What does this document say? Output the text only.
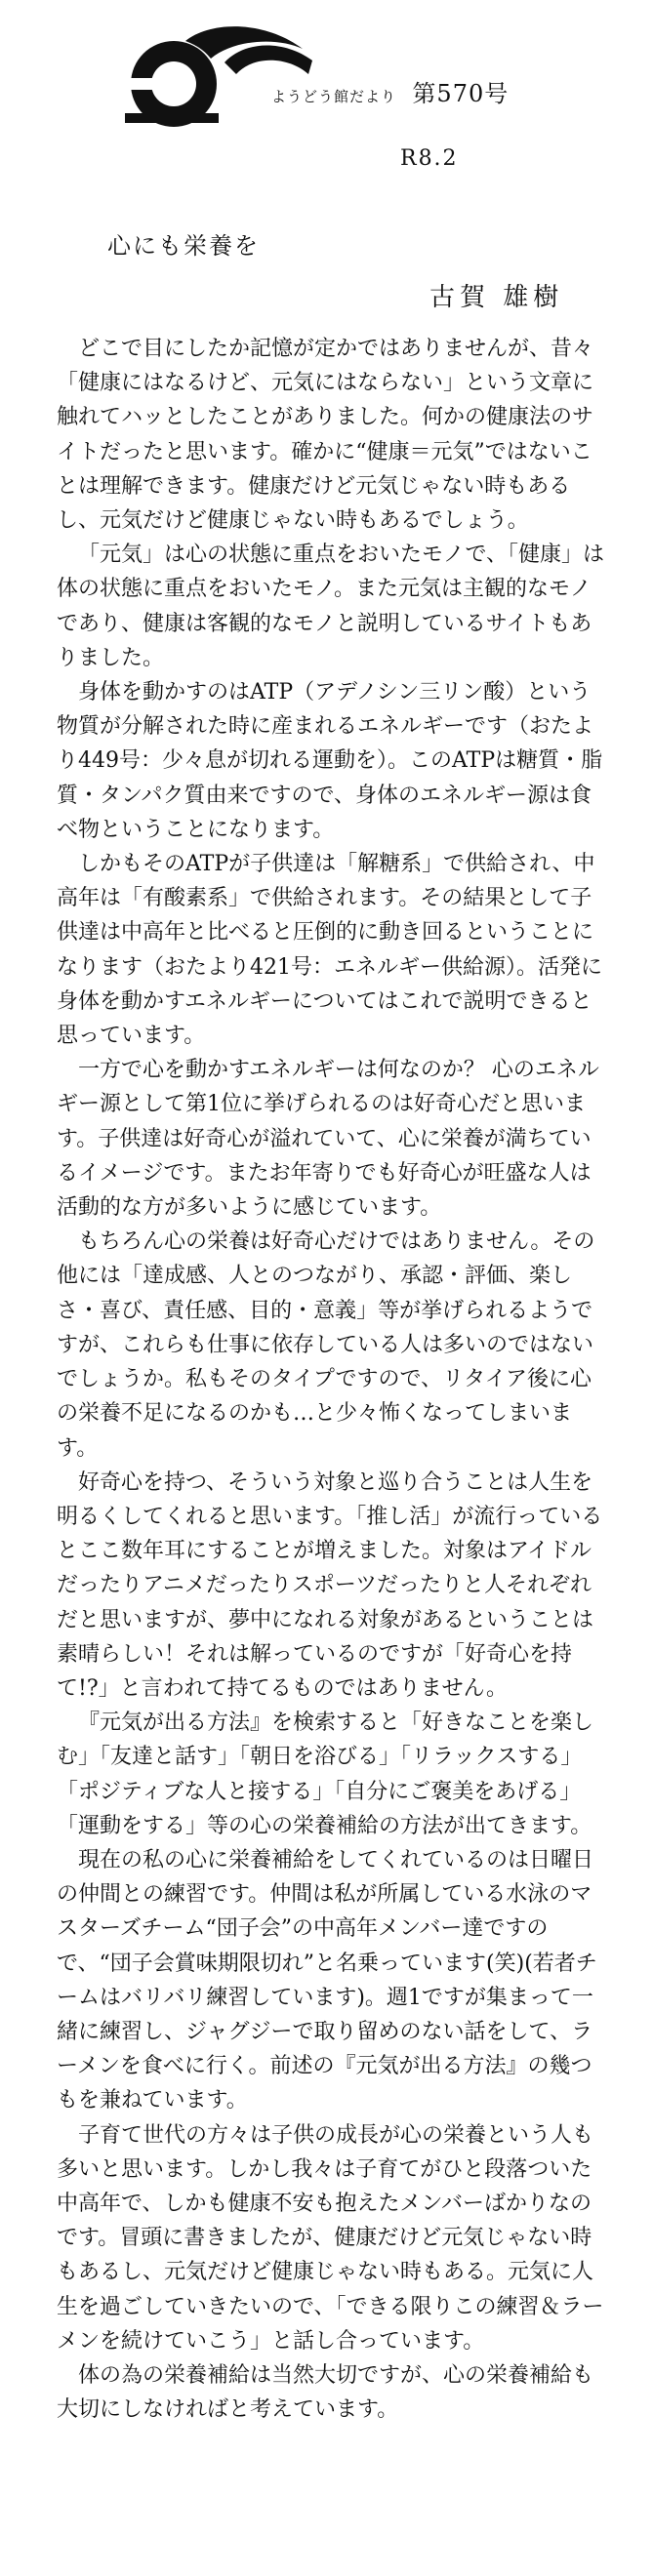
ようどう館だより 第570号
R8.2
心にも栄養を
古賀 雄樹

どこで目にしたか記憶が定かではありませんが、昔々「健康にはなるけど、元気にはならない」という文章に触れてハッとしたことがありました。何かの健康法のサイトだったと思います。確かに“健康＝元気”ではないことは理解できます。健康だけど元気じゃない時もあるし、元気だけど健康じゃない時もあるでしょう。

「元気」は心の状態に重点をおいたモノで、「健康」は体の状態に重点をおいたモノ。また元気は主観的なモノであり、健康は客観的なモノと説明しているサイトもありました。

身体を動かすのはATP（アデノシン三リン酸）という物質が分解された時に産まれるエネルギーです（おたより449号：少々息が切れる運動を）。このATPは糖質・脂質・タンパク質由来ですので、身体のエネルギー源は食べ物ということになります。

しかもそのATPが子供達は「解糖系」で供給され、中高年は「有酸素系」で供給されます。その結果として子供達は中高年と比べると圧倒的に動き回るということになります（おたより421号：エネルギー供給源）。活発に身体を動かすエネルギーについてはこれで説明できると思っています。

一方で心を動かすエネルギーは何なのか？ 心のエネルギー源として第1位に挙げられるのは好奇心だと思います。子供達は好奇心が溢れていて、心に栄養が満ちているイメージです。またお年寄りでも好奇心が旺盛な人は活動的な方が多いように感じています。

もちろん心の栄養は好奇心だけではありません。その他には「達成感、人とのつながり、承認・評価、楽しさ・喜び、責任感、目的・意義」等が挙げられるようですが、これらも仕事に依存している人は多いのではないでしょうか。私もそのタイプですので、リタイア後に心の栄養不足になるのかも…と少々怖くなってしまいます。

好奇心を持つ、そういう対象と巡り合うことは人生を明るくしてくれると思います。「推し活」が流行っているとここ数年耳にすることが増えました。対象はアイドルだったりアニメだったりスポーツだったりと人それぞれだと思いますが、夢中になれる対象があるということは素晴らしい！それは解っているのですが「好奇心を持て!?」と言われて持てるものではありません。

『元気が出る方法』を検索すると「好きなことを楽しむ」「友達と話す」「朝日を浴びる」「リラックスする」「ポジティブな人と接する」「自分にご褒美をあげる」「運動をする」等の心の栄養補給の方法が出てきます。

現在の私の心に栄養補給をしてくれているのは日曜日の仲間との練習です。仲間は私が所属している水泳のマスターズチーム“団子会”の中高年メンバー達ですので、“団子会賞味期限切れ”と名乗っています(笑)(若者チームはバリバリ練習しています)。週1ですが集まって一緒に練習し、ジャグジーで取り留めのない話をして、ラーメンを食べに行く。前述の『元気が出る方法』の幾つもを兼ねています。

子育て世代の方々は子供の成長が心の栄養という人も多いと思います。しかし我々は子育てがひと段落ついた中高年で、しかも健康不安も抱えたメンバーばかりなのです。冒頭に書きましたが、健康だけど元気じゃない時もあるし、元気だけど健康じゃない時もある。元気に人生を過ごしていきたいので、「できる限りこの練習＆ラーメンを続けていこう」と話し合っています。

体の為の栄養補給は当然大切ですが、心の栄養補給も大切にしなければと考えています。
